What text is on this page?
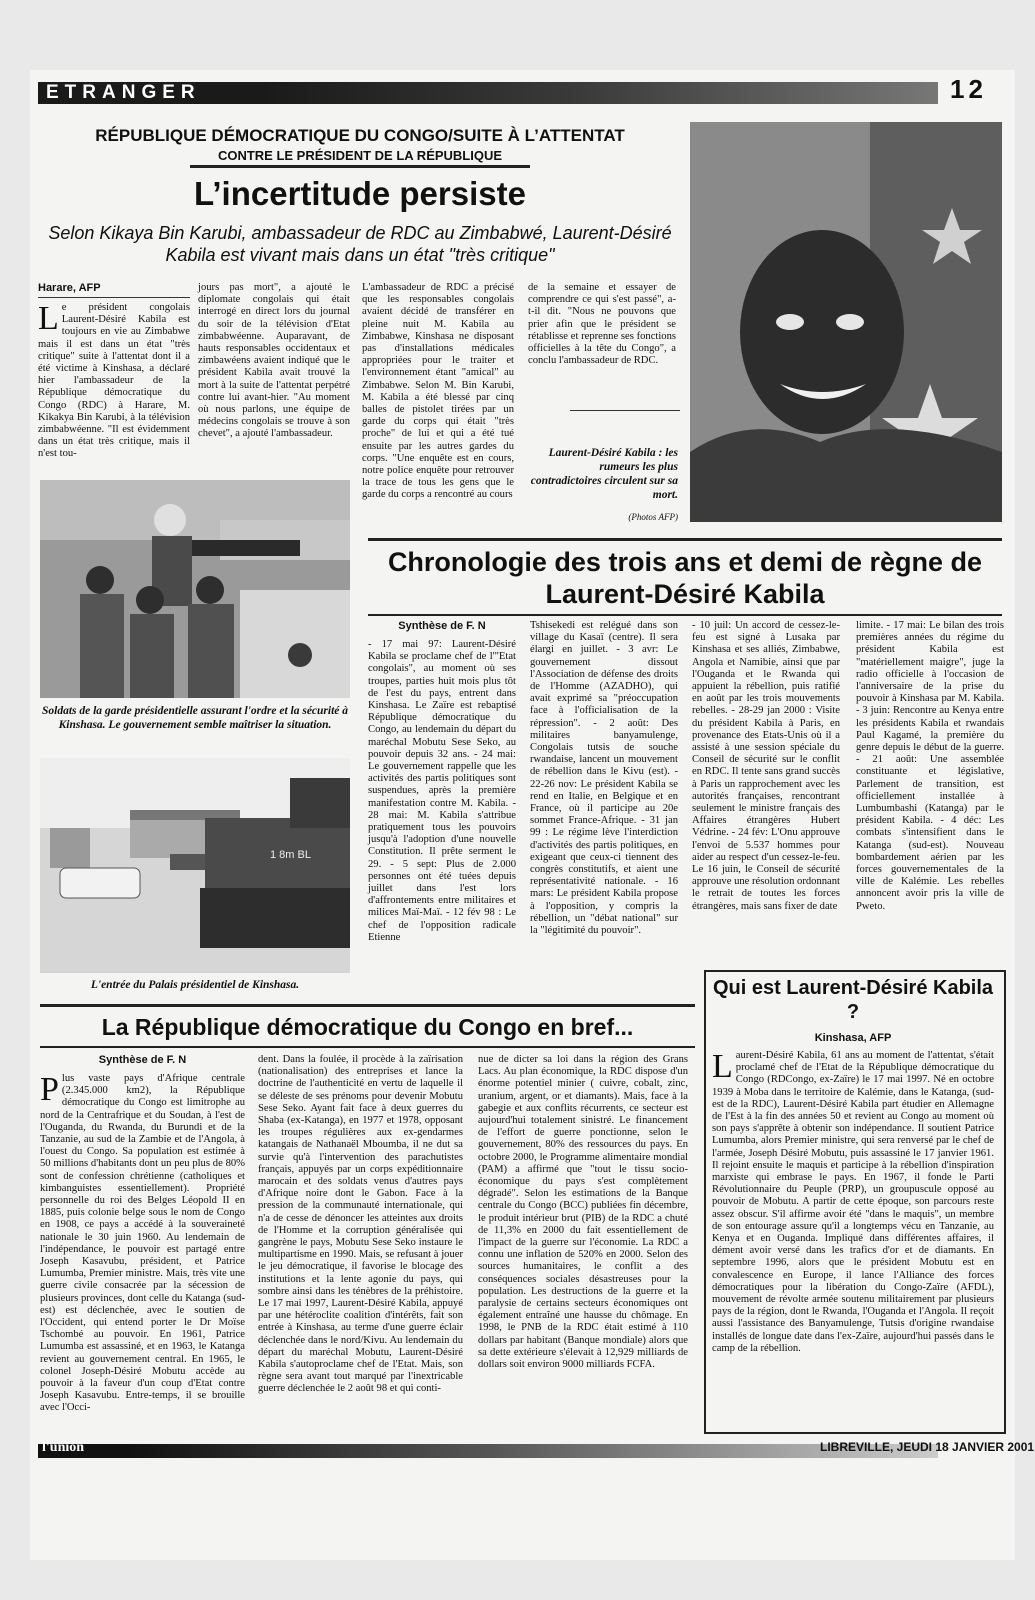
ETRANGER	12
RÉPUBLIQUE DÉMOCRATIQUE DU CONGO/SUITE À L’ATTENTAT
CONTRE LE PRÉSIDENT DE LA RÉPUBLIQUE
L’incertitude persiste
Selon Kikaya Bin Karubi, ambassadeur de RDC au Zimbabwé, Laurent-Désiré Kabila est vivant mais dans un état "très critique"
Harare, AFP
L e président congolais Laurent-Désiré Kabila est toujours en vie au Zimbabwe mais il est dans un état "très critique" suite à l'attentat dont il a été victime à Kinshasa, a déclaré hier l'ambassadeur de la République démocratique du Congo (RDC) à Harare, M. Kikakya Bin Karubi, à la télévision zimbabwéenne. "Il est évidemment dans un état très critique, mais il n'est tou-
jours pas mort", a ajouté le diplomate congolais qui était interrogé en direct lors du journal du soir de la télévision d'Etat zimbabwéenne. Auparavant, de hauts responsables occidentaux et zimbawéens avaient indiqué que le président Kabila avait trouvé la mort à la suite de l'attentat perpétré contre lui avant-hier. "Au moment où nous parlons, une équipe de médecins congolais se trouve à son chevet", a ajouté l'ambassadeur.
L'ambassadeur de RDC a précisé que les responsables congolais avaient décidé de transférer en pleine nuit M. Kabila au Zimbabwe, Kinshasa ne disposant pas d'installations médicales appropriées pour le traiter et l'environnement étant "amical" au Zimbabwe. Selon M. Bin Karubi, M. Kabila a été blessé par cinq balles de pistolet tirées par un garde du corps qui était "très proche" de lui et qui a été tué ensuite par les autres gardes du corps. "Une enquête est en cours, notre police enquête pour retrouver la trace de tous les gens que le garde du corps a rencontré au cours
de la semaine et essayer de comprendre ce qui s'est passé", a-t-il dit. "Nous ne pouvons que prier afin que le président se rétablisse et reprenne ses fonctions officielles à la tête du Congo", a conclu l'ambassadeur de RDC.
Laurent-Désiré Kabila : les rumeurs les plus contradictoires circulent sur sa mort.
(Photos AFP)
Soldats de la garde présidentielle assurant l'ordre et la sécurité à Kinshasa. Le gouvernement semble maîtriser la situation.
1 8m BL
L'entrée du Palais présidentiel de Kinshasa.
Chronologie des trois ans et demi de règne de Laurent-Désiré Kabila
Synthèse de F. N
- 17 mai 97: Laurent-Désiré Kabila se proclame chef de l'"Etat congolais", au moment où ses troupes, parties huit mois plus tôt de l'est du pays, entrent dans Kinshasa. Le Zaïre est rebaptisé République démocratique du Congo, au lendemain du départ du maréchal Mobutu Sese Seko, au pouvoir depuis 32 ans. - 24 mai: Le gouvernement rappelle que les activités des partis politiques sont suspendues, après la première manifestation contre M. Kabila. - 28 mai: M. Kabila s'attribue pratiquement tous les pouvoirs jusqu'à l'adoption d'une nouvelle Constitution. Il prête serment le 29. - 5 sept: Plus de 2.000 personnes ont été tuées depuis juillet dans l'est lors d'affrontements entre militaires et milices Maï-Maï. - 12 fév 98 : Le chef de l'opposition radicale Etienne
Tshisekedi est relégué dans son village du Kasaï (centre). Il sera élargi en juillet. - 3 avr: Le gouvernement dissout l'Association de défense des droits de l'Homme (AZADHO), qui avait exprimé sa "préoccupation face à l'officialisation de la répression". - 2 août: Des militaires banyamulenge, Congolais tutsis de souche rwandaise, lancent un mouvement de rébellion dans le Kivu (est). - 22-26 nov: Le président Kabila se rend en Italie, en Belgique et en France, où il participe au 20e sommet France-Afrique. - 31 jan 99 : Le régime lève l'interdiction d'activités des partis politiques, en exigeant que ceux-ci tiennent des congrès constitutifs, et aient une représentativité nationale. - 16 mars: Le président Kabila propose à l'opposition, y compris la rébellion, un "débat national" sur la "légitimité du pouvoir".
- 10 juil: Un accord de cessez-le-feu est signé à Lusaka par Kinshasa et ses alliés, Zimbabwe, Angola et Namibie, ainsi que par l'Ouganda et le Rwanda qui appuient la rébellion, puis ratifié en août par les trois mouvements rebelles. - 28-29 jan 2000 : Visite du président Kabila à Paris, en provenance des Etats-Unis où il a assisté à une session spéciale du Conseil de sécurité sur le conflit en RDC. Il tente sans grand succès à Paris un rapprochement avec les autorités françaises, rencontrant seulement le ministre français des Affaires étrangères Hubert Védrine. - 24 fév: L'Onu approuve l'envoi de 5.537 hommes pour aider au respect d'un cessez-le-feu. Le 16 juin, le Conseil de sécurité approuve une résolution ordonnant le retrait de toutes les forces étrangères, mais sans fixer de date
limite. - 17 mai: Le bilan des trois premières années du régime du président Kabila est "matériellement maigre", juge la radio officielle à l'occasion de l'anniversaire de la prise du pouvoir à Kinshasa par M. Kabila. - 3 juin: Rencontre au Kenya entre les présidents Kabila et rwandais Paul Kagamé, la première du genre depuis le début de la guerre. - 21 août: Une assemblée constituante et législative, Parlement de transition, est officiellement installée à Lumbumbashi (Katanga) par le président Kabila. - 4 déc: Les combats s'intensifient dans le Katanga (sud-est). Nouveau bombardement aérien par les forces gouvernementales de la ville de Kalémie. Les rebelles annoncent avoir pris la ville de Pweto.
La République démocratique du Congo en bref...
Synthèse de F. N
P lus vaste pays d'Afrique centrale (2.345.000 km2), la République démocratique du Congo est limitrophe au nord de la Centrafrique et du Soudan, à l'est de l'Ouganda, du Rwanda, du Burundi et de la Tanzanie, au sud de la Zambie et de l'Angola, à l'ouest du Congo. Sa population est estimée à 50 millions d'habitants dont un peu plus de 80% sont de confession chrétienne (catholiques et kimbanguistes essentiellement). Propriété personnelle du roi des Belges Léopold II en 1885, puis colonie belge sous le nom de Congo en 1908, ce pays a accédé à la souveraineté nationale le 30 juin 1960. Au lendemain de l'indépendance, le pouvoir est partagé entre Joseph Kasavubu, président, et Patrice Lumumba, Premier ministre. Mais, très vite une guerre civile consacrée par la sécession de plusieurs provinces, dont celle du Katanga (sud-est) est déclenchée, avec le soutien de l'Occident, qui entend porter le Dr Moïse Tschombé au pouvoir. En 1961, Patrice Lumumba est assassiné, et en 1963, le Katanga revient au gouvernement central. En 1965, le colonel Joseph-Désiré Mobutu accède au pouvoir à la faveur d'un coup d'Etat contre Joseph Kasavubu. Entre-temps, il se brouille avec l'Occi-
dent. Dans la foulée, il procède à la zaïrisation (nationalisation) des entreprises et lance la doctrine de l'authenticité en vertu de laquelle il se déleste de ses prénoms pour devenir Mobutu Sese Seko. Ayant fait face à deux guerres du Shaba (ex-Katanga), en 1977 et 1978, opposant les troupes régulières aux ex-gendarmes katangais de Nathanaël Mboumba, il ne dut sa survie qu'à l'intervention des parachutistes français, appuyés par un corps expéditionnaire marocain et des soldats venus d'autres pays d'Afrique noire dont le Gabon. Face à la pression de la communauté internationale, qui n'a de cesse de dénoncer les atteintes aux droits de l'Homme et la corruption généralisée qui gangrène le pays, Mobutu Sese Seko instaure le multipartisme en 1990. Mais, se refusant à jouer le jeu démocratique, il favorise le blocage des institutions et la lente agonie du pays, qui sombre ainsi dans les ténèbres de la préhistoire. Le 17 mai 1997, Laurent-Désiré Kabila, appuyé par une hétéroclite coalition d'intérêts, fait son entrée à Kinshasa, au terme d'une guerre éclair déclenchée dans le nord/Kivu. Au lendemain du départ du maréchal Mobutu, Laurent-Désiré Kabila s'autoproclame chef de l'Etat. Mais, son règne sera avant tout marqué par l'inextricable guerre déclenchée le 2 août 98 et qui conti-
nue de dicter sa loi dans la région des Grans Lacs. Au plan économique, la RDC dispose d'un énorme potentiel minier ( cuivre, cobalt, zinc, uranium, argent, or et diamants). Mais, face à la gabegie et aux conflits récurrents, ce secteur est aujourd'hui totalement sinistré. Le financement de l'effort de guerre ponctionne, selon le gouvernement, 80% des ressources du pays. En octobre 2000, le Programme alimentaire mondial (PAM) a affirmé que "tout le tissu socio-économique du pays s'est complètement dégradé". Selon les estimations de la Banque centrale du Congo (BCC) publiées fin décembre, le produit intérieur brut (PIB) de la RDC a chuté de 11,3% en 2000 du fait essentiellement de l'impact de la guerre sur l'économie. La RDC a connu une inflation de 520% en 2000. Selon des sources humanitaires, le conflit a des conséquences sociales désastreuses pour la population. Les destructions de la guerre et la paralysie de certains secteurs économiques ont également entraîné une hausse du chômage. En 1998, le PNB de la RDC était estimé à 110 dollars par habitant (Banque mondiale) alors que sa dette extérieure s'élevait à 12,929 milliards de dollars soit environ 9000 milliards FCFA.
Qui est Laurent-Désiré Kabila ?
Kinshasa, AFP
Laurent-Désiré Kabila, 61 ans au moment de l'attentat, s'était proclamé chef de l'Etat de la République démocratique du Congo (RDCongo, ex-Zaïre) le 17 mai 1997. Né en octobre 1939 à Moba dans le territoire de Kalémie, dans le Katanga, (sud-est de la RDC), Laurent-Désiré Kabila part étudier en Allemagne de l'Est à la fin des années 50 et revient au Congo au moment où son pays s'apprête à obtenir son indépendance. Il soutient Patrice Lumumba, alors Premier ministre, qui sera renversé par le chef de l'armée, Joseph Désiré Mobutu, puis assassiné le 17 janvier 1961. Il rejoint ensuite le maquis et participe à la rébellion d'inspiration marxiste qui embrase le pays. En 1967, il fonde le Parti Révolutionnaire du Peuple (PRP), un groupuscule opposé au pouvoir de Mobutu. A partir de cette époque, son parcours reste assez obscur. S'il affirme avoir été "dans le maquis", un membre de son entourage assure qu'il a longtemps vécu en Tanzanie, au Kenya et en Ouganda. Impliqué dans différentes affaires, il dément avoir versé dans les trafics d'or et de diamants. En septembre 1996, alors que le président Mobutu est en convalescence en Europe, il lance l'Alliance des forces démocratiques pour la libération du Congo-Zaïre (AFDL), mouvement de révolte armée soutenu militairement par plusieurs pays de la région, dont le Rwanda, l'Ouganda et l'Angola. Il reçoit aussi l'assistance des Banyamulenge, Tutsis d'origine rwandaise installés de longue date dans l'ex-Zaïre, aujourd'hui passés dans le camp de la rébellion.
l'union	LIBREVILLE, JEUDI 18 JANVIER 2001
